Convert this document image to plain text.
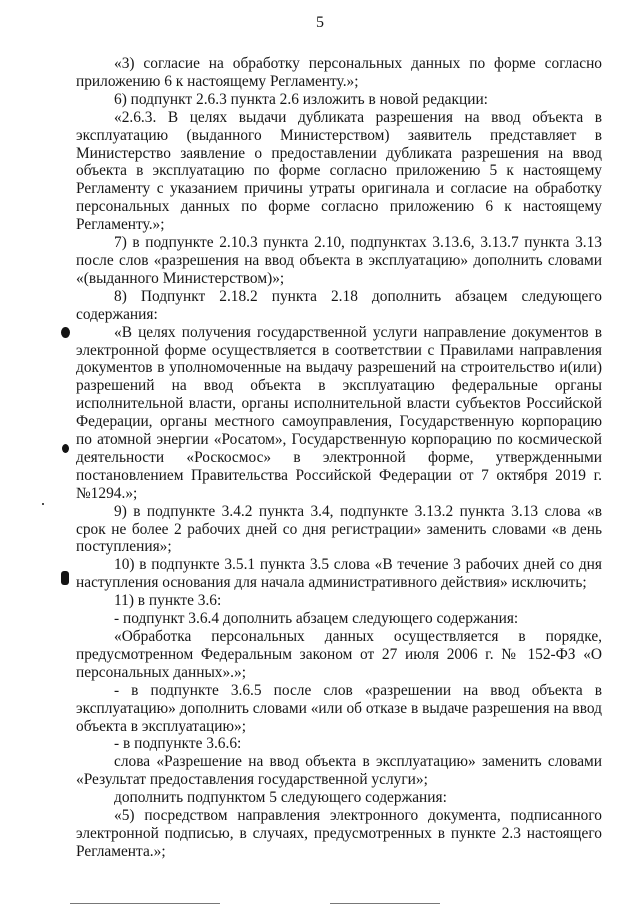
5

«3) согласие на обработку персональных данных по форме согласно приложению 6 к настоящему Регламенту.»;

6) подпункт 2.6.3 пункта 2.6 изложить в новой редакции:

«2.6.3. В целях выдачи дубликата разрешения на ввод объекта в эксплуатацию (выданного Министерством) заявитель представляет в Министерство заявление о предоставлении дубликата разрешения на ввод объекта в эксплуатацию по форме согласно приложению 5 к настоящему Регламенту с указанием причины утраты оригинала и согласие на обработку персональных данных по форме согласно приложению 6 к настоящему Регламенту.»;

7) в подпункте 2.10.3 пункта 2.10, подпунктах 3.13.6, 3.13.7 пункта 3.13 после слов «разрешения на ввод объекта в эксплуатацию» дополнить словами «(выданного Министерством)»;

8) Подпункт 2.18.2 пункта 2.18 дополнить абзацем следующего содержания:

«В целях получения государственной услуги направление документов в электронной форме осуществляется в соответствии с Правилами направления документов в уполномоченные на выдачу разрешений на строительство и(или) разрешений на ввод объекта в эксплуатацию федеральные органы исполнительной власти, органы исполнительной власти субъектов Российской Федерации, органы местного самоуправления, Государственную корпорацию по атомной энергии «Росатом», Государственную корпорацию по космической деятельности «Роскосмос» в электронной форме, утвержденными постановлением Правительства Российской Федерации от 7 октября 2019 г. №1294.»;

9) в подпункте 3.4.2 пункта 3.4, подпункте 3.13.2 пункта 3.13 слова «в срок не более 2 рабочих дней со дня регистрации» заменить словами «в день поступления»;

10) в подпункте 3.5.1 пункта 3.5 слова «В течение 3 рабочих дней со дня наступления основания для начала административного действия» исключить;

11) в пункте 3.6:

- подпункт 3.6.4 дополнить абзацем следующего содержания:

«Обработка персональных данных осуществляется в порядке, предусмотренном Федеральным законом от 27 июля 2006 г. № 152-ФЗ «О персональных данных».»;

- в подпункте 3.6.5 после слов «разрешении на ввод объекта в эксплуатацию» дополнить словами «или об отказе в выдаче разрешения на ввод объекта в эксплуатацию»;

- в подпункте 3.6.6:

слова «Разрешение на ввод объекта в эксплуатацию» заменить словами «Результат предоставления государственной услуги»;

дополнить подпунктом 5 следующего содержания:

«5) посредством направления электронного документа, подписанного электронной подписью, в случаях, предусмотренных в пункте 2.3 настоящего Регламента.»;
